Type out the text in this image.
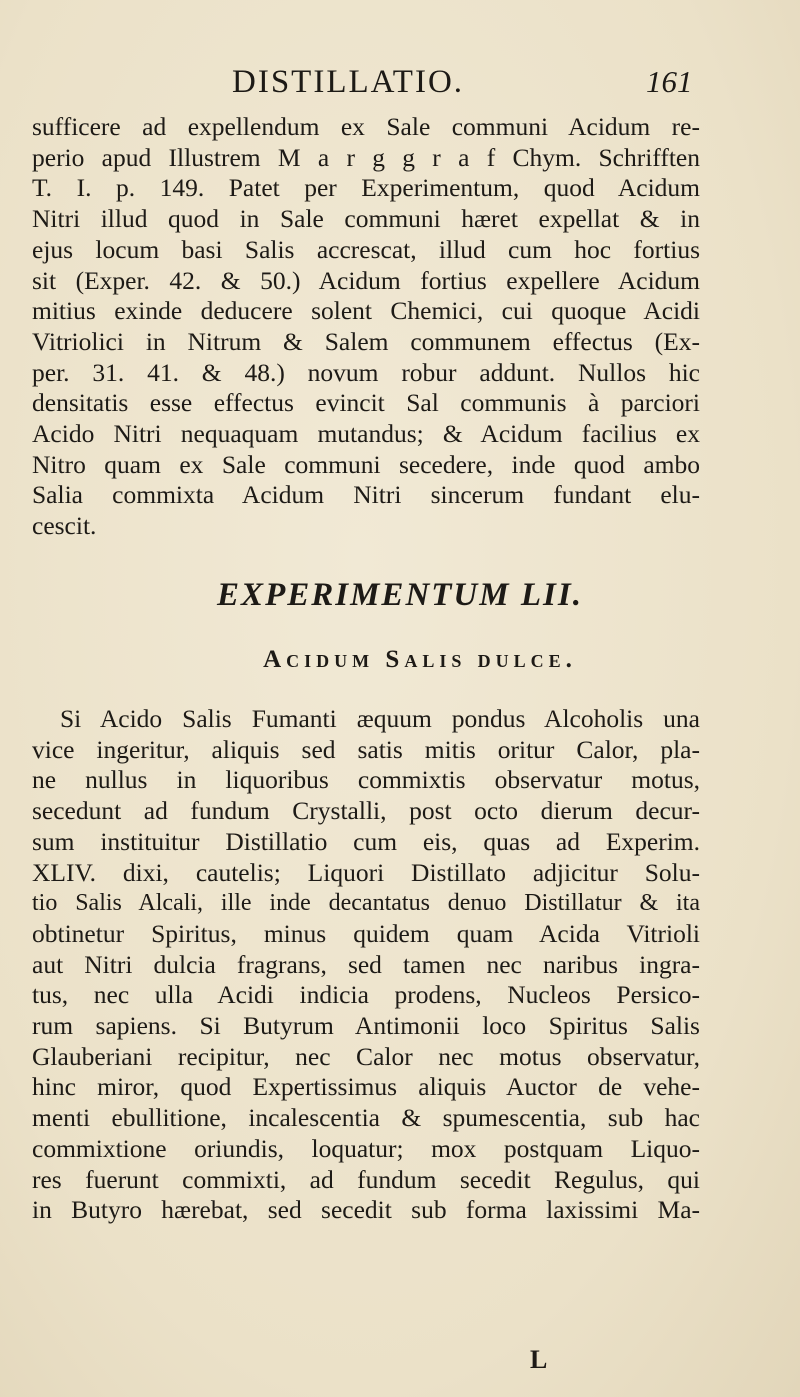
DISTILLATIO.	161
sufficere ad expellendum ex Sale communi Acidum re-
perio apud Illustrem M a r g g r a f Chym. Schrifften
T. I. p. 149. Patet per Experimentum, quod Acidum
Nitri illud quod in Sale communi hæret expellat & in
ejus locum basi Salis accrescat, illud cum hoc fortius
sit (Exper. 42. & 50.) Acidum fortius expellere Acidum
mitius exinde deducere solent Chemici, cui quoque Acidi
Vitriolici in Nitrum & Salem communem effectus (Ex-
per. 31. 41. & 48.) novum robur addunt. Nullos hic
densitatis esse effectus evincit Sal communis à parciori
Acido Nitri nequaquam mutandus; & Acidum facilius ex
Nitro quam ex Sale communi secedere, inde quod ambo
Salia commixta Acidum Nitri sincerum fundant elu-
cescit.
EXPERIMENTUM LII.
Acidum Salis dulce.
Si Acido Salis Fumanti æquum pondus Alcoholis una
vice ingeritur, aliquis sed satis mitis oritur Calor, pla-
ne nullus in liquoribus commixtis observatur motus,
secedunt ad fundum Crystalli, post octo dierum decur-
sum instituitur Distillatio cum eis, quas ad Experim.
XLIV. dixi, cautelis; Liquori Distillato adjicitur Solu-
tio Salis Alcali, ille inde decantatus denuo Distillatur & ita
obtinetur Spiritus, minus quidem quam Acida Vitrioli
aut Nitri dulcia fragrans, sed tamen nec naribus ingra-
tus, nec ulla Acidi indicia prodens, Nucleos Persico-
rum sapiens. Si Butyrum Antimonii loco Spiritus Salis
Glauberiani recipitur, nec Calor nec motus observatur,
hinc miror, quod Expertissimus aliquis Auctor de vehe-
menti ebullitione, incalescentia & spumescentia, sub hac
commixtione oriundis, loquatur; mox postquam Liquo-
res fuerunt commixti, ad fundum secedit Regulus, qui
in Butyro hærebat, sed secedit sub forma laxissimi Ma-
L
